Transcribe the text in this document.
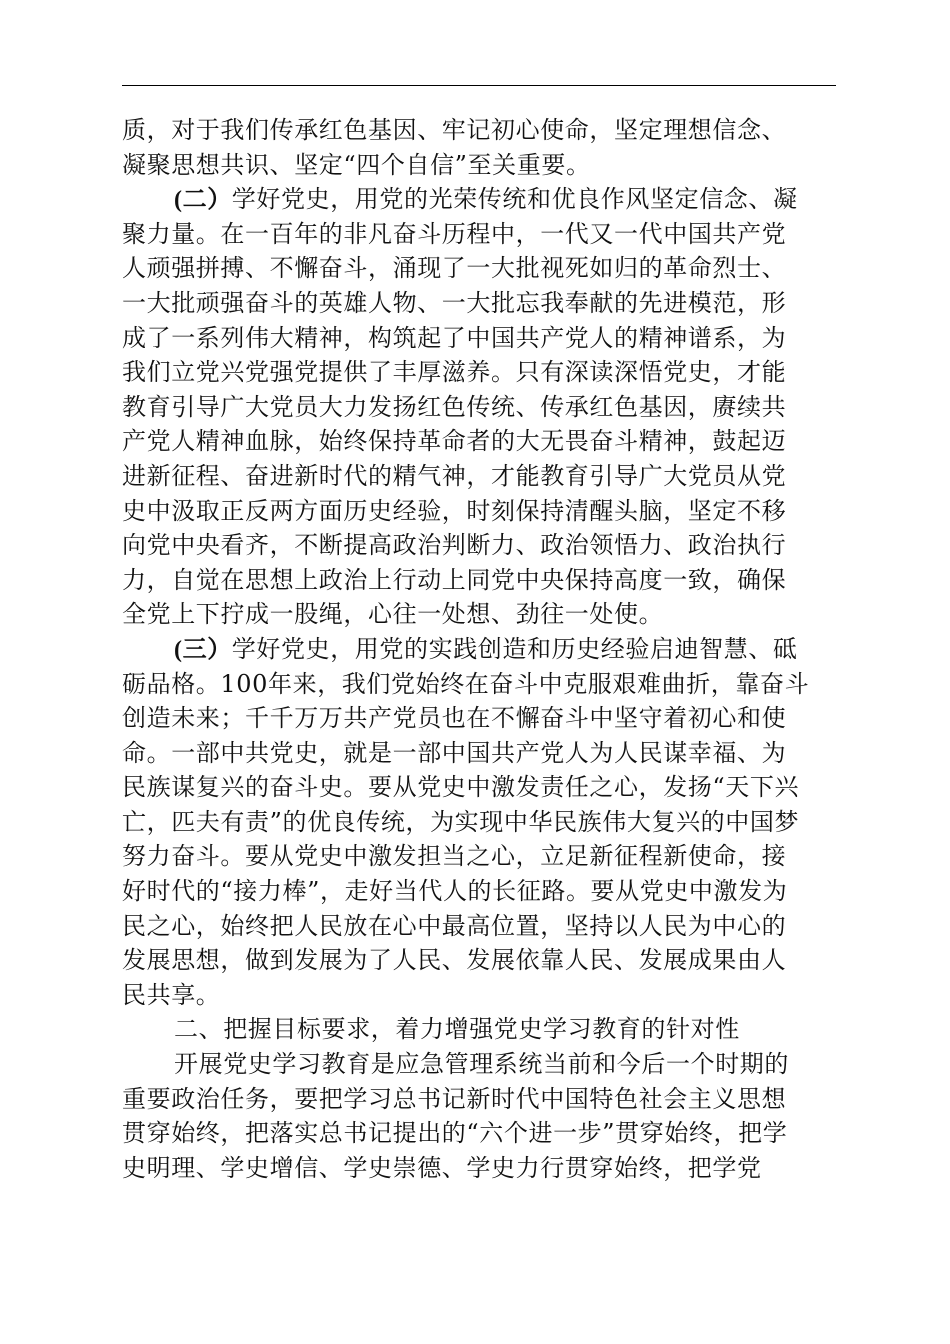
质，对于我们传承红色基因、牢记初心使命，坚定理想信念、
凝聚思想共识、坚定“四个自信”至关重要。
(二）学好党史，用党的光荣传统和优良作风坚定信念、凝
聚力量。在一百年的非凡奋斗历程中，一代又一代中国共产党
人顽强拼搏、不懈奋斗，涌现了一大批视死如归的革命烈士、
一大批顽强奋斗的英雄人物、一大批忘我奉献的先进模范，形
成了一系列伟大精神，构筑起了中国共产党人的精神谱系，为
我们立党兴党强党提供了丰厚滋养。只有深读深悟党史，才能
教育引导广大党员大力发扬红色传统、传承红色基因，赓续共
产党人精神血脉，始终保持革命者的大无畏奋斗精神，鼓起迈
进新征程、奋进新时代的精气神，才能教育引导广大党员从党
史中汲取正反两方面历史经验，时刻保持清醒头脑，坚定不移
向党中央看齐，不断提高政治判断力、政治领悟力、政治执行
力，自觉在思想上政治上行动上同党中央保持高度一致，确保
全党上下拧成一股绳，心往一处想、劲往一处使。
(三）学好党史，用党的实践创造和历史经验启迪智慧、砥
砺品格。100年来，我们党始终在奋斗中克服艰难曲折，靠奋斗
创造未来；千千万万共产党员也在不懈奋斗中坚守着初心和使
命。一部中共党史，就是一部中国共产党人为人民谋幸福、为
民族谋复兴的奋斗史。要从党史中激发责任之心，发扬“天下兴
亡，匹夫有责”的优良传统，为实现中华民族伟大复兴的中国梦
努力奋斗。要从党史中激发担当之心，立足新征程新使命，接
好时代的“接力棒”，走好当代人的长征路。要从党史中激发为
民之心，始终把人民放在心中最高位置，坚持以人民为中心的
发展思想，做到发展为了人民、发展依靠人民、发展成果由人
民共享。
二、把握目标要求，着力增强党史学习教育的针对性
开展党史学习教育是应急管理系统当前和今后一个时期的
重要政治任务，要把学习总书记新时代中国特色社会主义思想
贯穿始终，把落实总书记提出的“六个进一步”贯穿始终，把学
史明理、学史增信、学史崇德、学史力行贯穿始终，把学党
